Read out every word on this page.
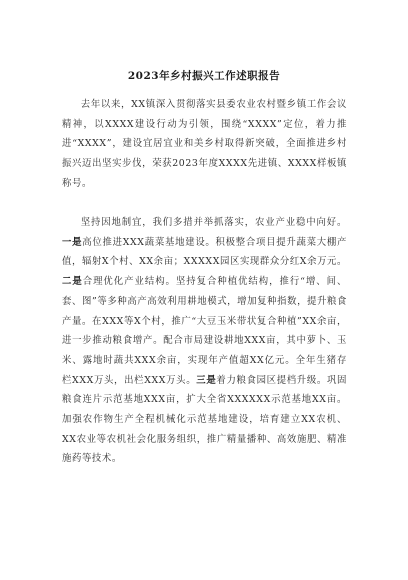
2023年乡村振兴工作述职报告

去年以来，XX镇深入贯彻落实县委农业农村暨乡镇工作会议精神，以XXXX建设行动为引领，围绕“XXXX”定位，着力推进“XXXX”，建设宜居宜业和美乡村取得新突破，全面推进乡村振兴迈出坚实步伐，荣获2023年度XXXX先进镇、XXXX样板镇称号。

坚持因地制宜，我们多措并举抓落实，农业产业稳中向好。一是高位推进XXX蔬菜基地建设。积极整合项目提升蔬菜大棚产值，辐射X个村、XX余亩；XXXXX园区实现群众分红X余万元。二是合理优化产业结构。坚持复合种植优结构，推行“增、间、套、图”等多种高产高效利用耕地模式，增加复种指数，提升粮食产量。在XXX等X个村，推广“大豆玉米带状复合种植”XX余亩，进一步推动粮食增产。配合市局建设耕地XXX亩，其中萝卜、玉米、露地时蔬共XXX余亩，实现年产值超XX亿元。全年生猪存栏XXX万头，出栏XXX万头。三是着力粮食园区提档升级。巩固粮食连片示范基地XXX亩，扩大全省XXXXXX示范基地XX亩。加强农作物生产全程机械化示范基地建设，培育建立XX农机、XX农业等农机社会化服务组织，推广精量播种、高效施肥、精准施药等技术。
